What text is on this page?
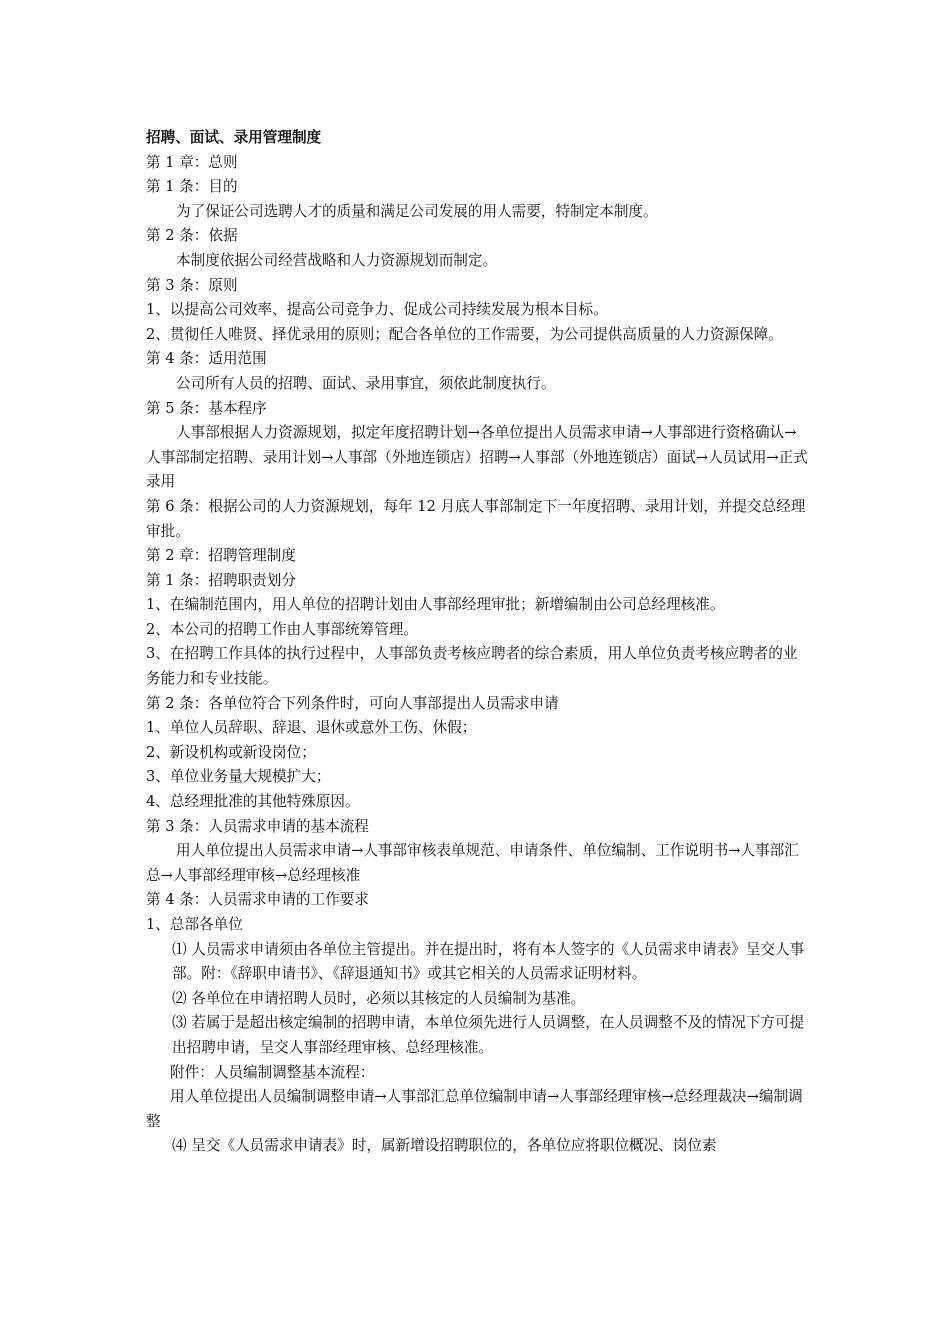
招聘、面试、录用管理制度

第 1 章：总则

第 1 条：目的

为了保证公司选聘人才的质量和满足公司发展的用人需要，特制定本制度。

第 2 条：依据

本制度依据公司经营战略和人力资源规划而制定。

第 3 条：原则

1、以提高公司效率、提高公司竞争力、促成公司持续发展为根本目标。

2、贯彻任人唯贤、择优录用的原则；配合各单位的工作需要，为公司提供高质量的人力资源保障。

第 4 条：适用范围

公司所有人员的招聘、面试、录用事宜，须依此制度执行。

第 5 条：基本程序

人事部根据人力资源规划，拟定年度招聘计划→各单位提出人员需求申请→人事部进行资格确认→人事部制定招聘、录用计划→人事部（外地连锁店）招聘→人事部（外地连锁店）面试→人员试用→正式录用

第 6 条：根据公司的人力资源规划，每年 12 月底人事部制定下一年度招聘、录用计划，并提交总经理审批。

第 2 章：招聘管理制度

第 1 条：招聘职责划分

1、在编制范围内，用人单位的招聘计划由人事部经理审批；新增编制由公司总经理核准。

2、本公司的招聘工作由人事部统筹管理。

3、在招聘工作具体的执行过程中，人事部负责考核应聘者的综合素质，用人单位负责考核应聘者的业务能力和专业技能。

第 2 条：各单位符合下列条件时，可向人事部提出人员需求申请

1、单位人员辞职、辞退、退休或意外工伤、休假；

2、新设机构或新设岗位；

3、单位业务量大规模扩大；

4、总经理批准的其他特殊原因。

第 3 条：人员需求申请的基本流程

用人单位提出人员需求申请→人事部审核表单规范、申请条件、单位编制、工作说明书→人事部汇总→人事部经理审核→总经理核准

第 4 条：人员需求申请的工作要求

1、总部各单位

⑴ 人员需求申请须由各单位主管提出。并在提出时，将有本人签字的《人员需求申请表》呈交人事部。附：《辞职申请书》、《辞退通知书》或其它相关的人员需求证明材料。

⑵ 各单位在申请招聘人员时，必须以其核定的人员编制为基准。

⑶ 若属于是超出核定编制的招聘申请，本单位须先进行人员调整，在人员调整不及的情况下方可提出招聘申请，呈交人事部经理审核、总经理核准。

附件：人员编制调整基本流程：

用人单位提出人员编制调整申请→人事部汇总单位编制申请→人事部经理审核→总经理裁决→编制调整

⑷ 呈交《人员需求申请表》时，属新增设招聘职位的，各单位应将职位概况、岗位素
